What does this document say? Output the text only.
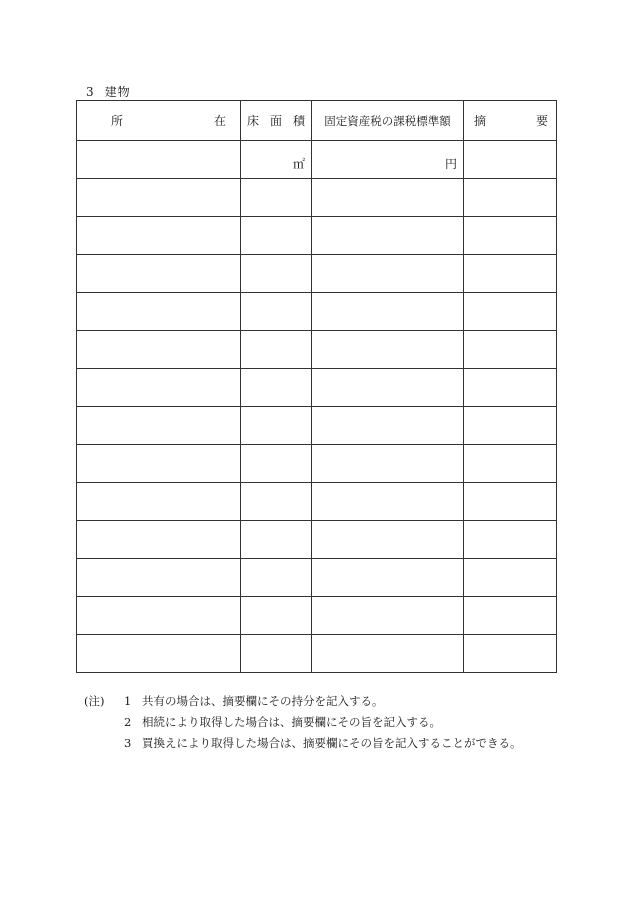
3 建物
所 在	床 面 積	固定資産税の課税標準額	摘 要

	㎡	円	

(注)	1 共有の場合は、摘要欄にその持分を記入する。
2 相続により取得した場合は、摘要欄にその旨を記入する。
3 買換えにより取得した場合は、摘要欄にその旨を記入することができる。
